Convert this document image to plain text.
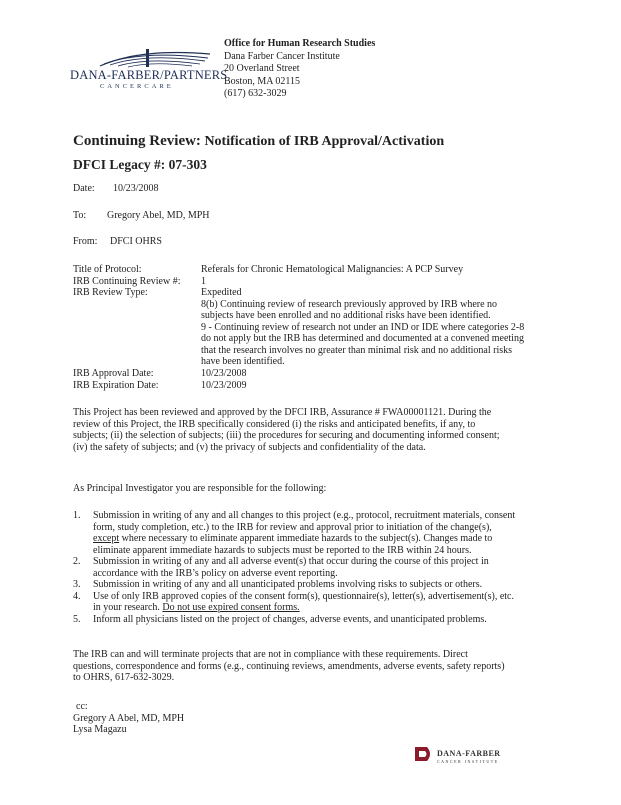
DANA-FARBER/PARTNERS
CANCERCARE
Office for Human Research Studies
Dana Farber Cancer Institute
20 Overland Street
Boston, MA 02115
(617) 632-3029
Continuing Review: Notification of IRB Approval/Activation
DFCI Legacy #: 07-303
Date: 10/23/2008
To: Gregory Abel, MD, MPH
From: DFCI OHRS
Title of Protocol:	Referals for Chronic Hematological Malignancies: A PCP Survey
IRB Continuing Review #:	1
IRB Review Type:	Expedited
8(b) Continuing review of research previously approved by IRB where no
subjects have been enrolled and no additional risks have been identified.
9 - Continuing review of research not under an IND or IDE where categories 2-8
do not apply but the IRB has determined and documented at a convened meeting
that the research involves no greater than minimal risk and no additional risks
have been identified.
IRB Approval Date:	10/23/2008
IRB Expiration Date:	10/23/2009
This Project has been reviewed and approved by the DFCI IRB, Assurance # FWA00001121. During the
review of this Project, the IRB specifically considered (i) the risks and anticipated benefits, if any, to
subjects; (ii) the selection of subjects; (iii) the procedures for securing and documenting informed consent;
(iv) the safety of subjects; and (v) the privacy of subjects and confidentiality of the data.
As Principal Investigator you are responsible for the following:
1. Submission in writing of any and all changes to this project (e.g., protocol, recruitment materials, consent
form, study completion, etc.) to the IRB for review and approval prior to initiation of the change(s),
except where necessary to eliminate apparent immediate hazards to the subject(s). Changes made to
eliminate apparent immediate hazards to subjects must be reported to the IRB within 24 hours.
2. Submission in writing of any and all adverse event(s) that occur during the course of this project in
accordance with the IRB’s policy on adverse event reporting.
3. Submission in writing of any and all unanticipated problems involving risks to subjects or others.
4. Use of only IRB approved copies of the consent form(s), questionnaire(s), letter(s), advertisement(s), etc.
in your research. Do not use expired consent forms.
5. Inform all physicians listed on the project of changes, adverse events, and unanticipated problems.
The IRB can and will terminate projects that are not in compliance with these requirements. Direct
questions, correspondence and forms (e.g., continuing reviews, amendments, adverse events, safety reports)
to OHRS, 617-632-3029.
cc:
Gregory A Abel, MD, MPH
Lysa Magazu
DANA-FARBER
CANCER INSTITUTE
